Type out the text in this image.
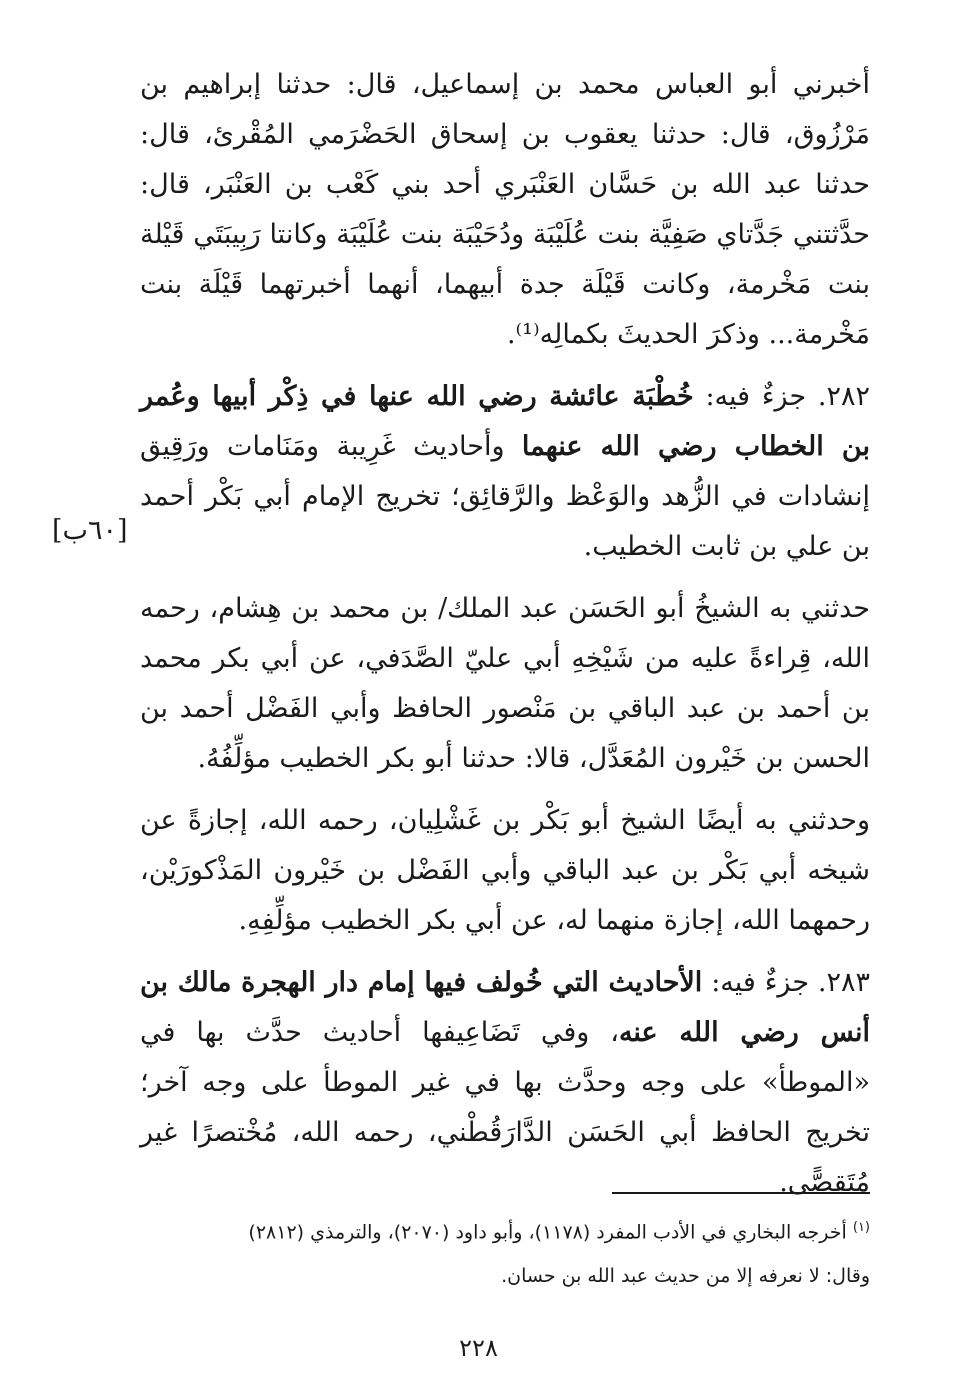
أخبرني أبو العباس محمد بن إسماعيل، قال: حدثنا إبراهيم بن مَرْزُوق، قال: حدثنا يعقوب بن إسحاق الحَضْرَمي المُقْرئ، قال: حدثنا عبد الله بن حَسَّان العَنْبَري أحد بني كَعْب بن العَنْبَر، قال: حدَّثتني جَدَّتاي صَفِيَّة بنت عُلَيْبَة ودُحَيْبَة بنت عُلَيْبَة وكانتا رَبِيبَتَي قَيْلة بنت مَخْرمة، وكانت قَيْلَة جدة أبيهما، أنهما أخبرتهما قَيْلَة بنت مَخْرمة... وذكرَ الحديثَ بكمالِه⁽¹⁾.

٢٨٢. جزءٌ فيه: خُطْبَة عائشة رضي الله عنها في ذِكْر أبيها وعُمر بن الخطاب رضي الله عنهما وأحاديث غَرِيبة ومَنَامات ورَقِيق إنشادات في الزُّهد والوَعْظ والرَّقائِق؛ تخريج الإمام أبي بَكْر أحمد بن علي بن ثابت الخطيب.

حدثني به الشيخُ أبو الحَسَن عبد الملك/ بن محمد بن هِشام، رحمه الله، قِراءةً عليه من شَيْخِهِ أبي عليّ الصَّدَفي، عن أبي بكر محمد بن أحمد بن عبد الباقي بن مَنْصور الحافظ وأبي الفَضْل أحمد بن الحسن بن خَيْرون المُعَدَّل، قالا: حدثنا أبو بكر الخطيب مؤلِّفُهُ.

وحدثني به أيضًا الشيخ أبو بَكْر بن غَشْلِيان، رحمه الله، إجازةً عن شيخه أبي بَكْر بن عبد الباقي وأبي الفَضْل بن خَيْرون المَذْكورَيْن، رحمهما الله، إجازة منهما له، عن أبي بكر الخطيب مؤلِّفِهِ.

٢٨٣. جزءٌ فيه: الأحاديث التي خُولف فيها إمام دار الهجرة مالك بن أنس رضي الله عنه، وفي تَضَاعِيفها أحاديث حدَّث بها في «الموطأ» على وجه وحدَّث بها في غير الموطأ على وجه آخر؛ تخريج الحافظ أبي الحَسَن الدَّارَقُطْني، رحمه الله، مُخْتصرًا غير مُتَقصًّى.

[٦٠ب]

$^{(١)}$ أخرجه البخاري في الأدب المفرد (١١٧٨)، وأبو داود (٢٠٧٠)، والترمذي (٢٨١٢)

وقال: لا نعرفه إلا من حديث عبد الله بن حسان.

٢٢٨
